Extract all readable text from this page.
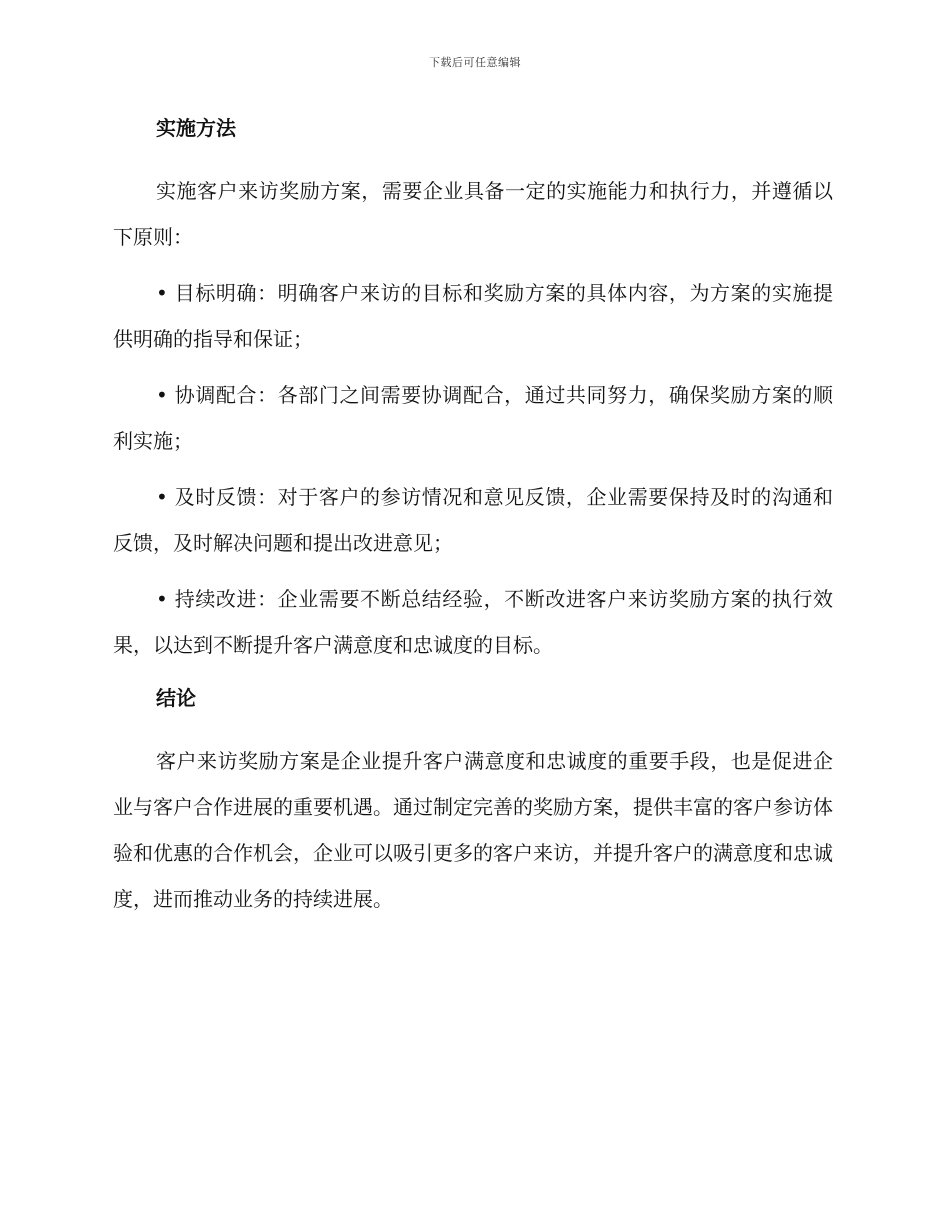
下载后可任意编辑
实施方法

实施客户来访奖励方案，需要企业具备一定的实施能力和执行力，并遵循以下原则：

• 目标明确：明确客户来访的目标和奖励方案的具体内容，为方案的实施提供明确的指导和保证；

• 协调配合：各部门之间需要协调配合，通过共同努力，确保奖励方案的顺利实施；

• 及时反馈：对于客户的参访情况和意见反馈，企业需要保持及时的沟通和反馈，及时解决问题和提出改进意见；

• 持续改进：企业需要不断总结经验，不断改进客户来访奖励方案的执行效果，以达到不断提升客户满意度和忠诚度的目标。

结论

客户来访奖励方案是企业提升客户满意度和忠诚度的重要手段，也是促进企业与客户合作进展的重要机遇。通过制定完善的奖励方案，提供丰富的客户参访体验和优惠的合作机会，企业可以吸引更多的客户来访，并提升客户的满意度和忠诚度，进而推动业务的持续进展。
